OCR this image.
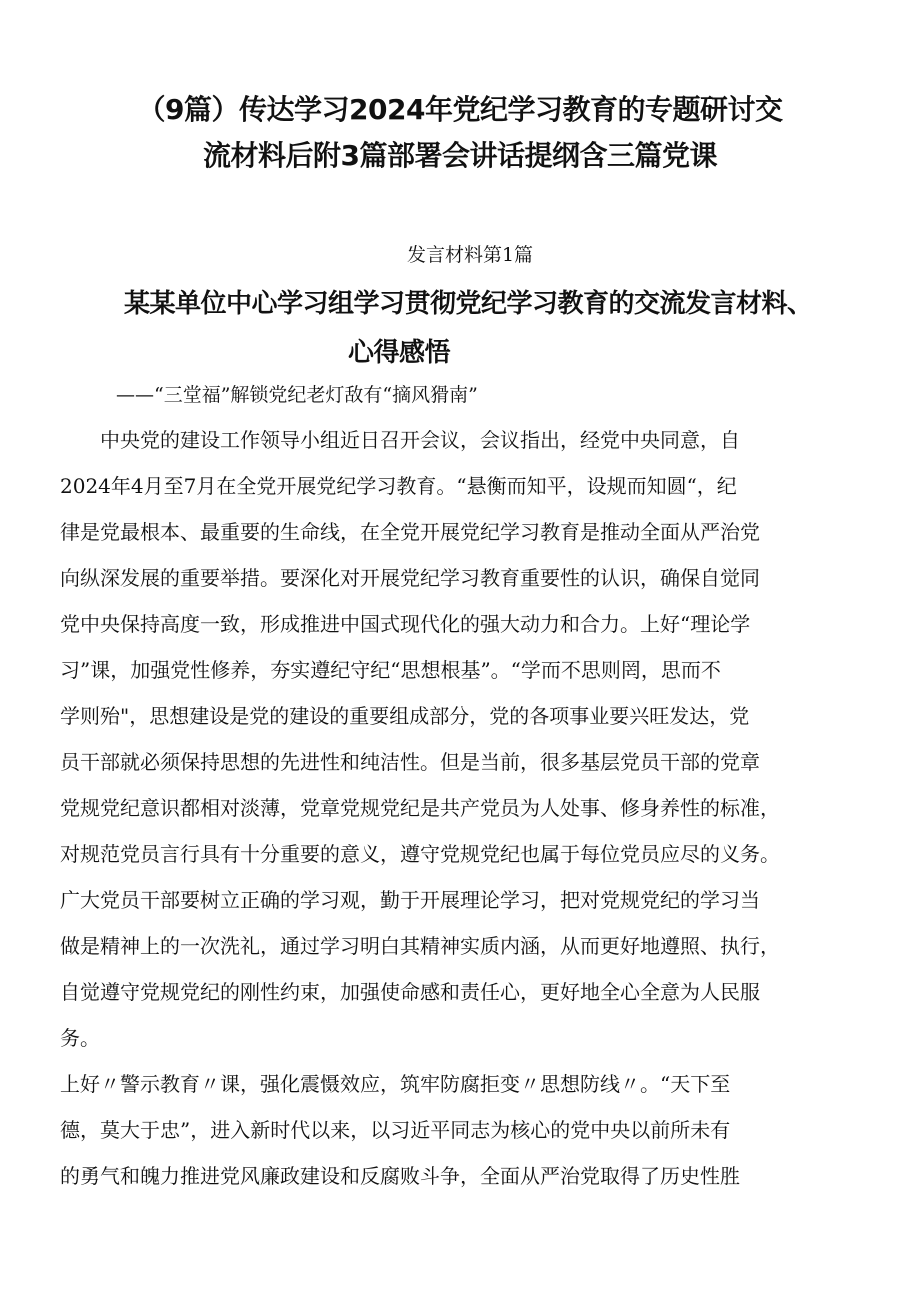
（9篇）传达学习2024年党纪学习教育的专题研讨交
流材料后附3篇部署会讲话提纲含三篇党课
发言材料第1篇
某某单位中心学习组学习贯彻党纪学习教育的交流发言材料、
心得感悟
——“三堂福”解锁党纪老灯敌有“摘风猾南”
　　中央党的建设工作领导小组近日召开会议，会议指出，经党中央同意，自
2024年4月至7月在全党开展党纪学习教育。“悬衡而知平，设规而知圆“，纪
律是党最根本、最重要的生命线，在全党开展党纪学习教育是推动全面从严治党
向纵深发展的重要举措。要深化对开展党纪学习教育重要性的认识，确保自觉同
党中央保持高度一致，形成推进中国式现代化的强大动力和合力。上好“理论学
习”课，加强党性修养，夯实遵纪守纪“思想根基”。“学而不思则罔，思而不
学则殆"，思想建设是党的建设的重要组成部分，党的各项事业要兴旺发达，党
员干部就必须保持思想的先进性和纯洁性。但是当前，很多基层党员干部的党章
党规党纪意识都相对淡薄，党章党规党纪是共产党员为人处事、修身养性的标准，
对规范党员言行具有十分重要的意义，遵守党规党纪也属于每位党员应尽的义务。
广大党员干部要树立正确的学习观，勤于开展理论学习，把对党规党纪的学习当
做是精神上的一次洗礼，通过学习明白其精神实质内涵，从而更好地遵照、执行，
自觉遵守党规党纪的刚性约束，加强使命感和责任心，更好地全心全意为人民服
务。
上好〃警示教育〃课，强化震慑效应，筑牢防腐拒变〃思想防线〃。“天下至
德，莫大于忠”，进入新时代以来，以习近平同志为核心的党中央以前所未有
的勇气和魄力推进党风廉政建设和反腐败斗争，全面从严治党取得了历史性胜
